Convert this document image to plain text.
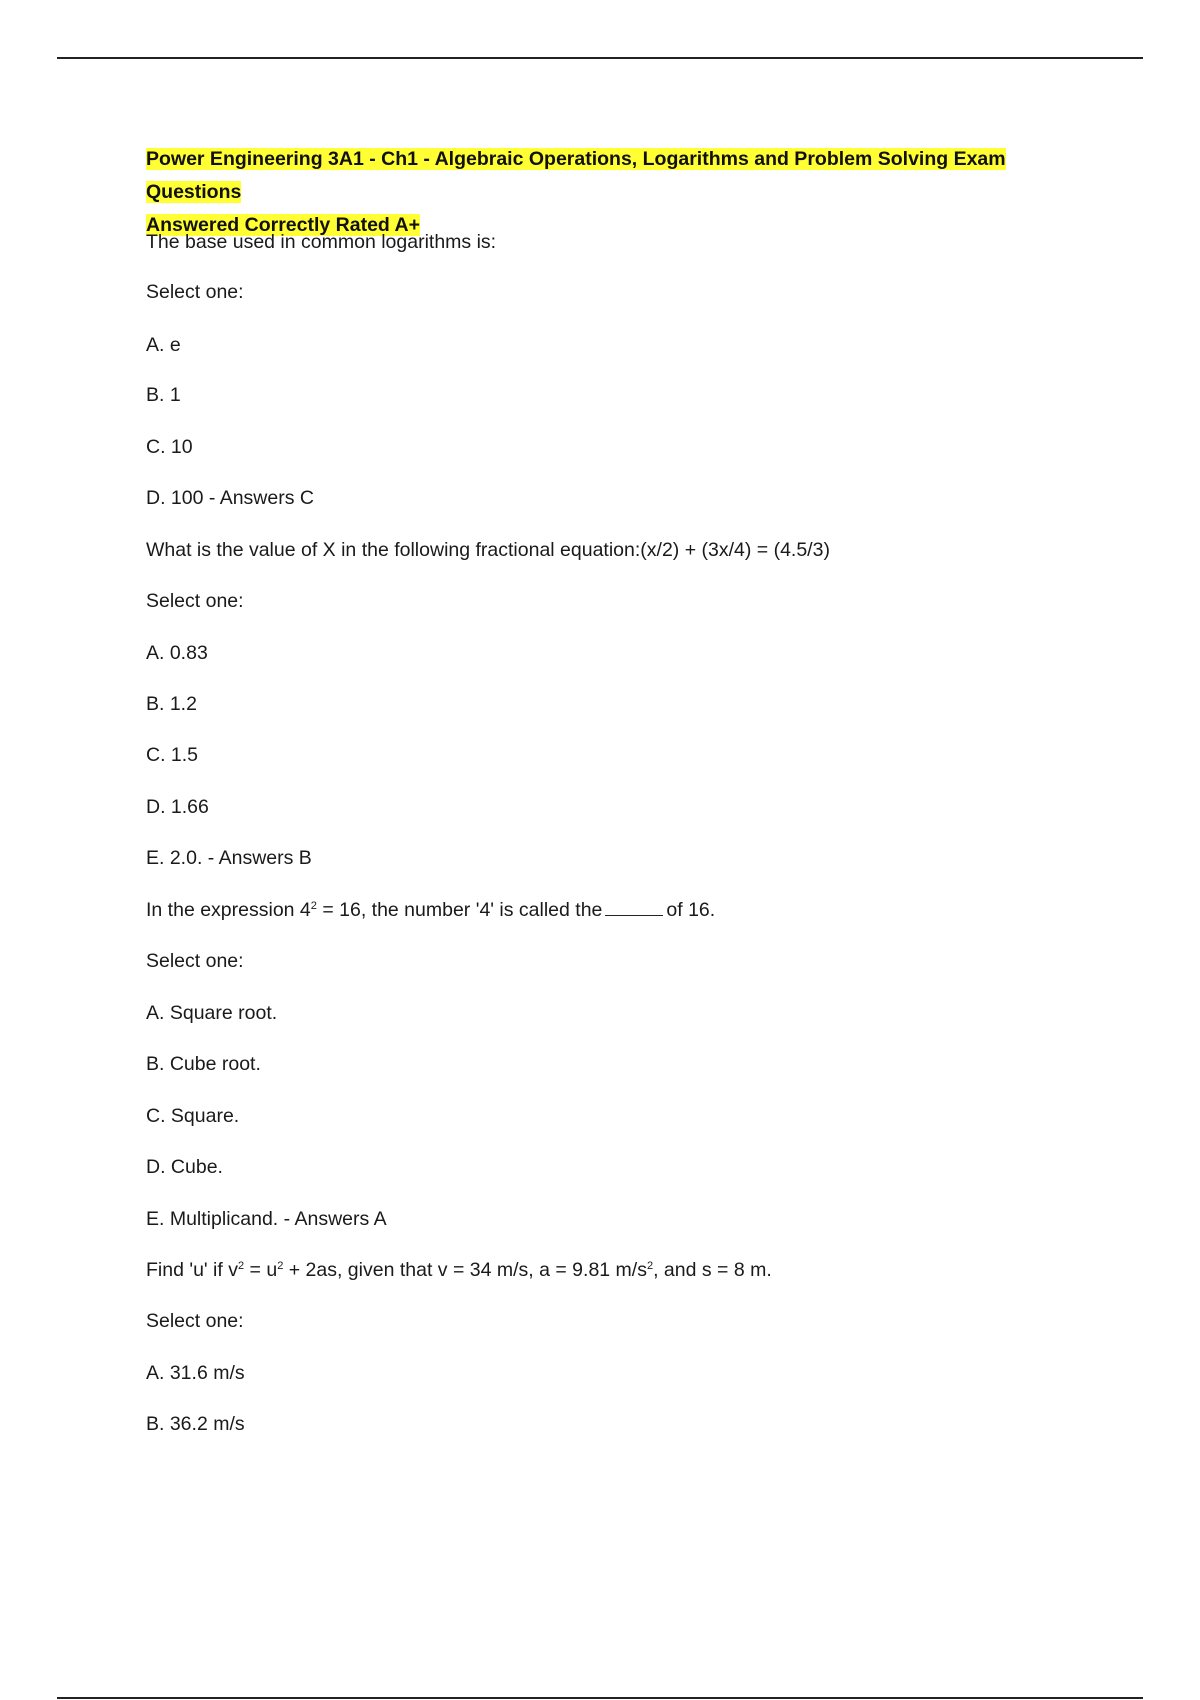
Power Engineering 3A1 - Ch1 - Algebraic Operations, Logarithms and Problem Solving Exam Questions
Answered Correctly Rated A+
The base used in common logarithms is:
Select one:
A. e
B. 1
C. 10
D. 100 - Answers C
What is the value of X in the following fractional equation:(x/2) + (3x/4) = (4.5/3)
Select one:
A. 0.83
B. 1.2
C. 1.5
D. 1.66
E. 2.0. - Answers B
In the expression $4^2 = 16$, the number '4' is called the	of 16.
Select one:
A. Square root.
B. Cube root.
C. Square.
D. Cube.
E. Multiplicand. - Answers A
Find 'u' if $v^2 = u^2 + 2as$, given that v = 34 m/s, a = 9.81 $m/s^2$, and s = 8 m.
Select one:
A. 31.6 m/s
B. 36.2 m/s
